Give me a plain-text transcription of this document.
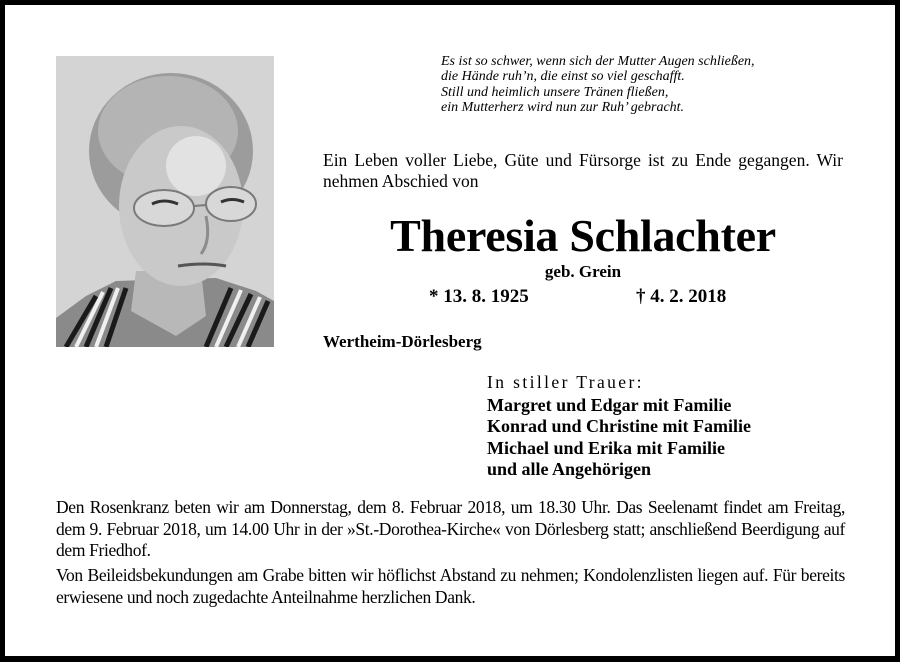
Es ist so schwer, wenn sich der Mutter Augen schließen,
die Hände ruh’n, die einst so viel geschafft.
Still und heimlich unsere Tränen fließen,
ein Mutterherz wird nun zur Ruh’ gebracht.
Ein Leben voller Liebe, Güte und Fürsorge ist zu Ende gegangen. Wir nehmen Abschied von
Theresia Schlachter
geb. Grein
* 13. 8. 1925	† 4. 2. 2018
Wertheim-Dörlesberg
In stiller Trauer:
Margret und Edgar mit Familie
Konrad und Christine mit Familie
Michael und Erika mit Familie
und alle Angehörigen
Den Rosenkranz beten wir am Donnerstag, dem 8. Februar 2018, um 18.30 Uhr. Das Seelenamt findet am Freitag, dem 9. Februar 2018, um 14.00 Uhr in der »St.-Dorothea-Kirche« von Dörlesberg statt; anschließend Beerdigung auf dem Friedhof.
Von Beileidsbekundungen am Grabe bitten wir höflichst Abstand zu nehmen; Kondolenzlisten liegen auf. Für bereits erwiesene und noch zugedachte Anteilnahme herzlichen Dank.
